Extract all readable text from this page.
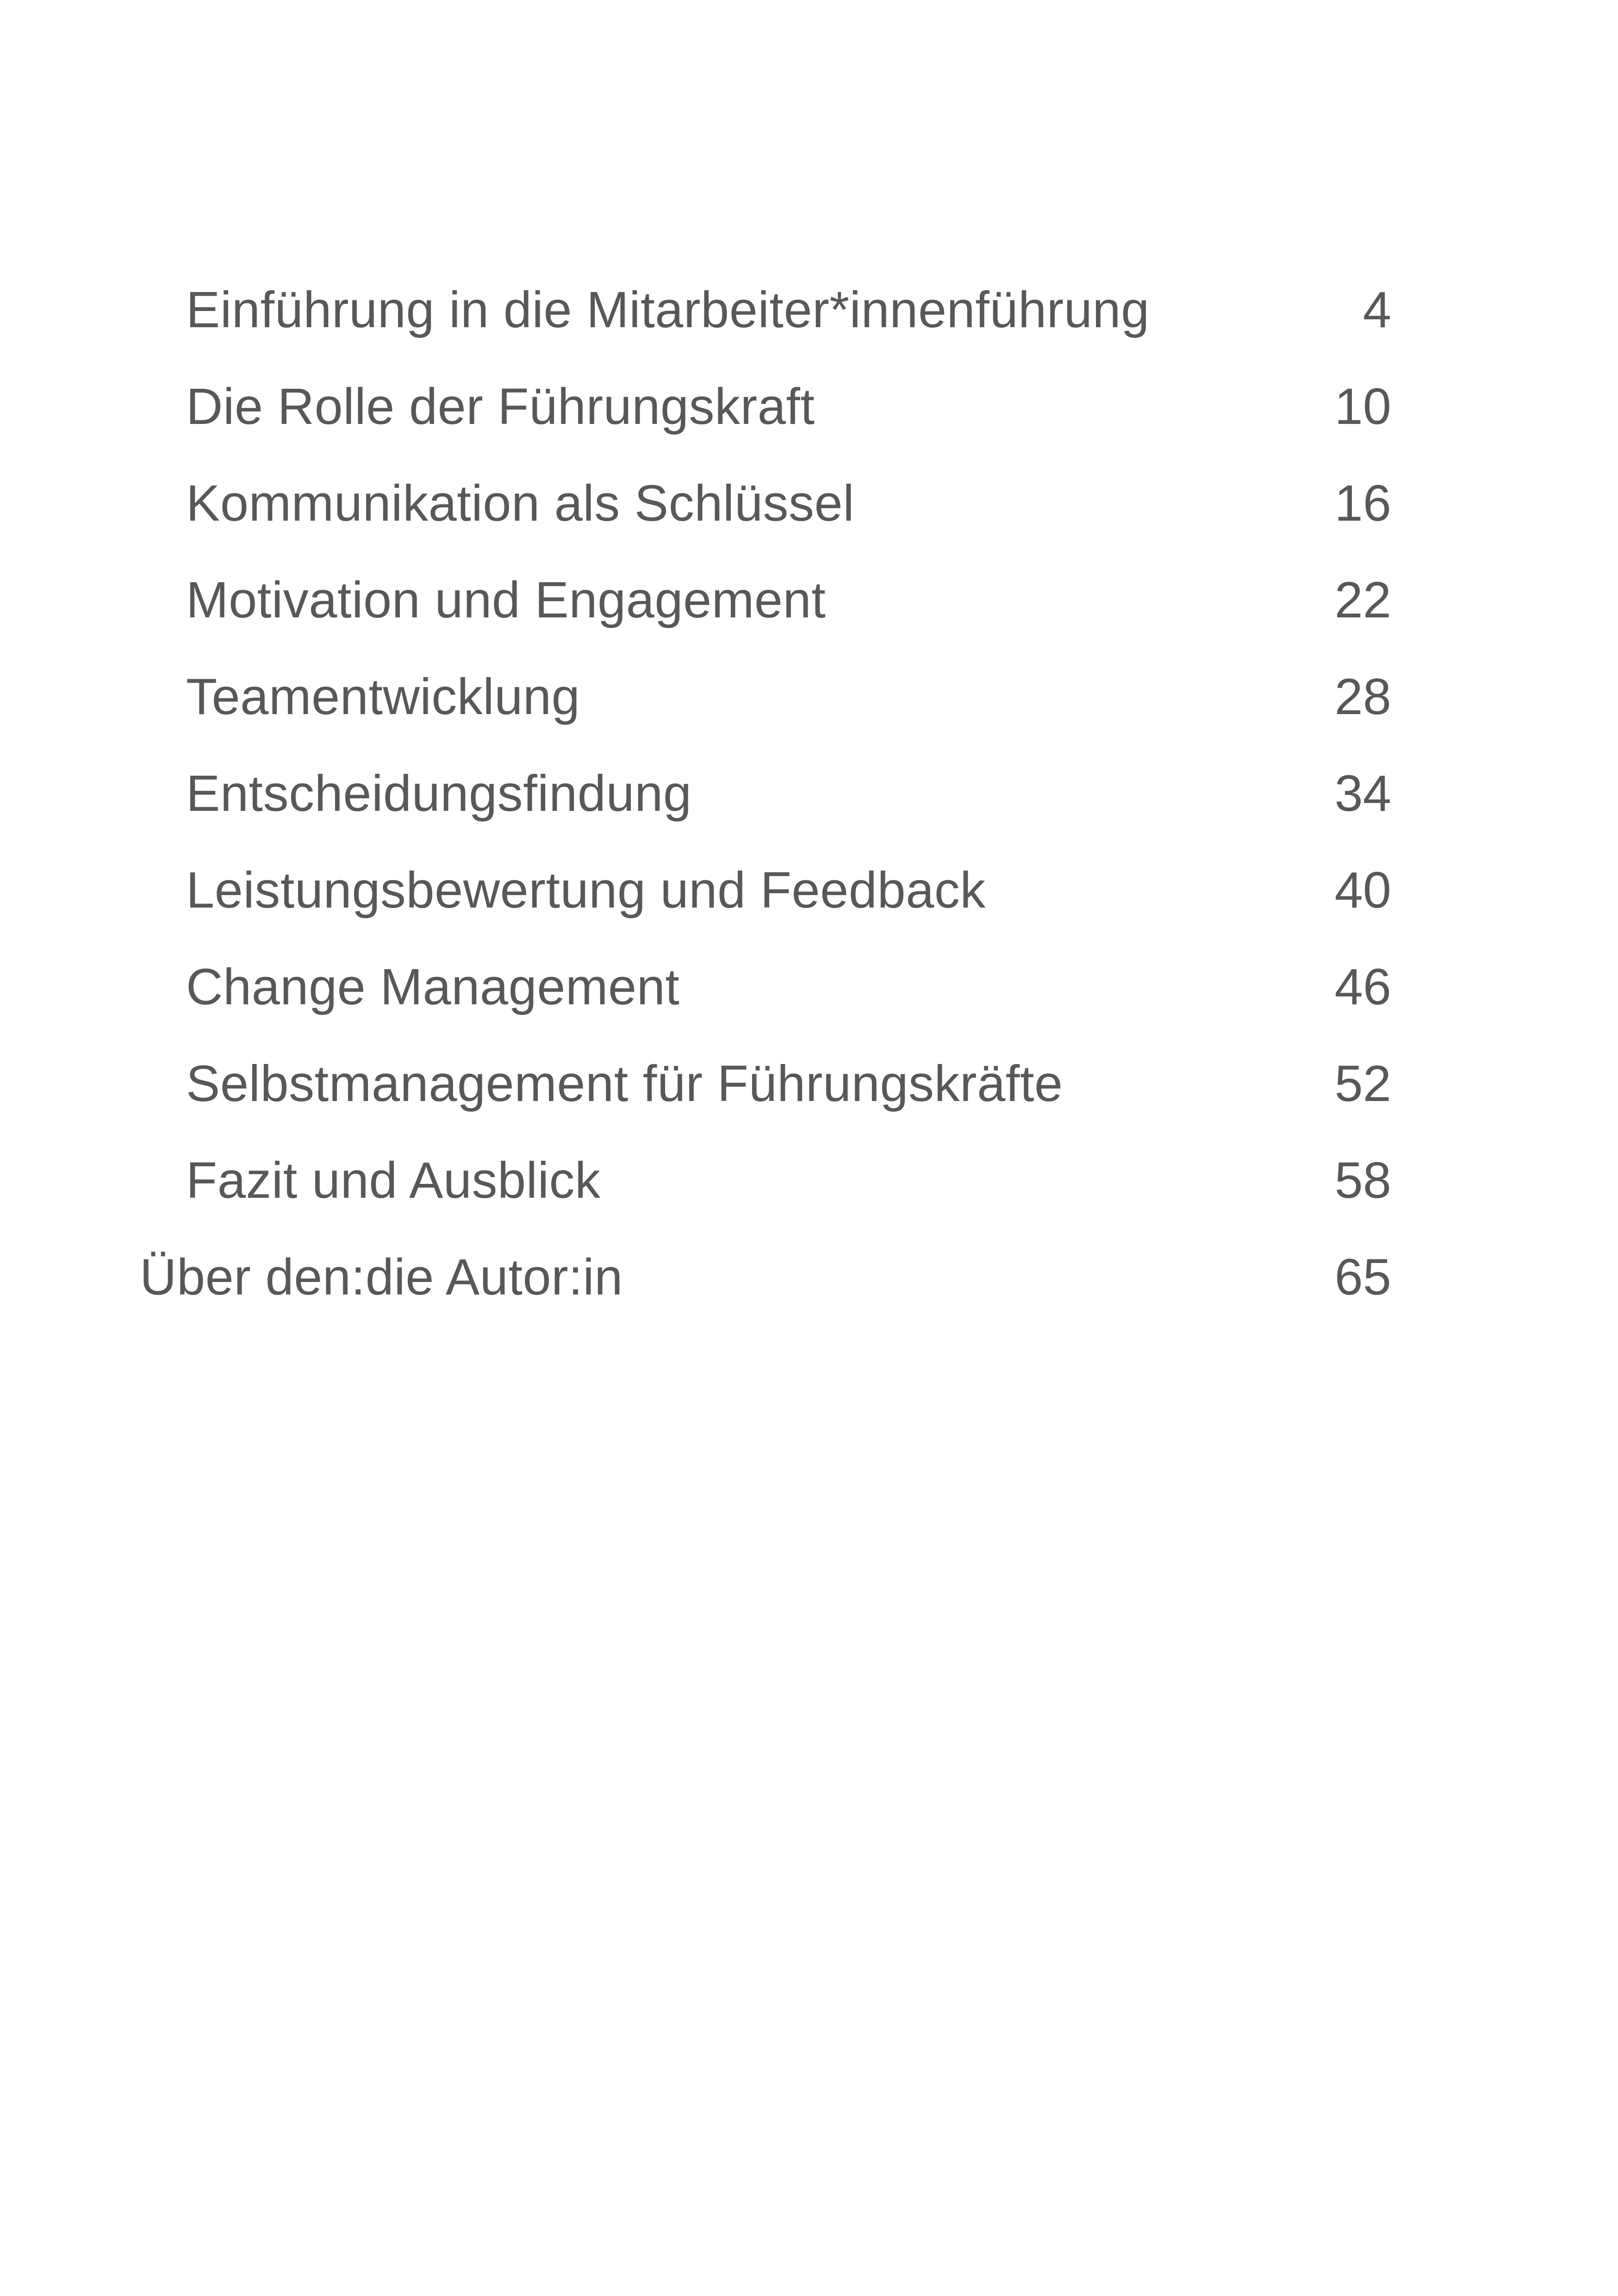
Einführung in die Mitarbeiter*innenführung	4
Die Rolle der Führungskraft	10
Kommunikation als Schlüssel	16
Motivation und Engagement	22
Teamentwicklung	28
Entscheidungsfindung	34
Leistungsbewertung und Feedback	40
Change Management	46
Selbstmanagement für Führungskräfte	52
Fazit und Ausblick	58
Über den:die Autor:in	65
